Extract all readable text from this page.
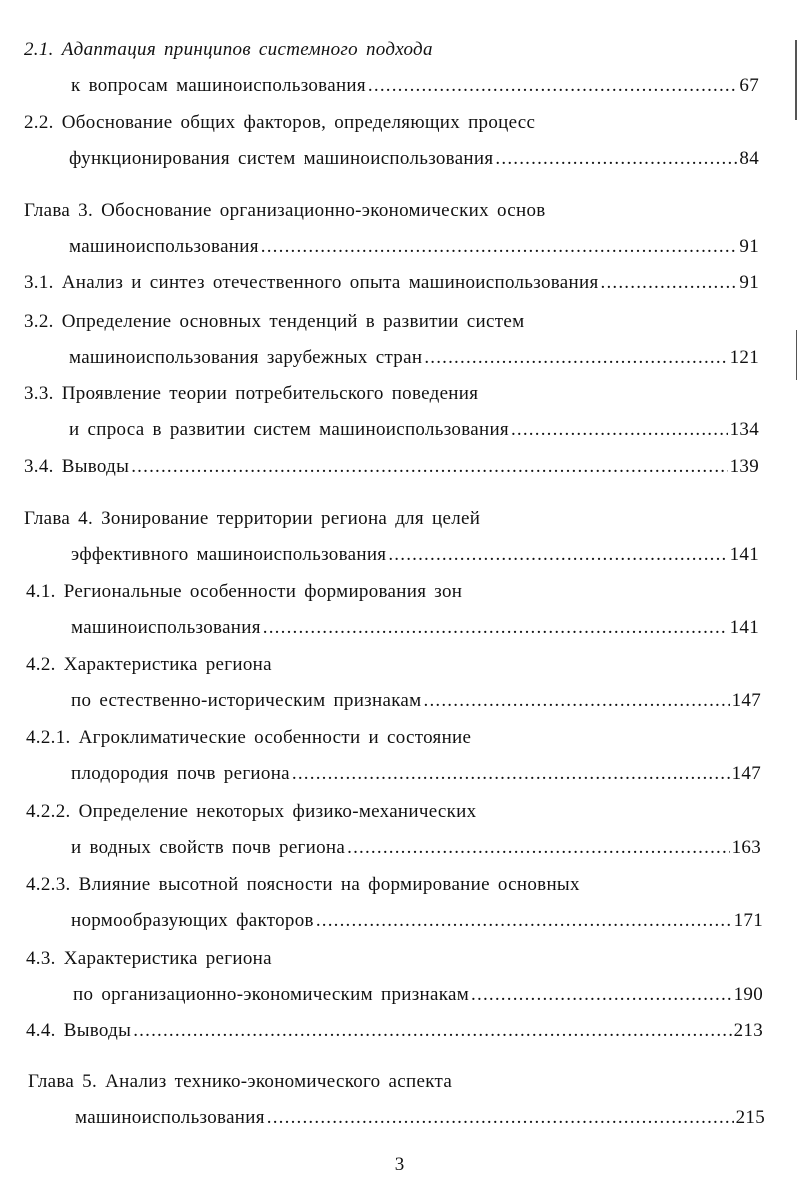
2.1. Адаптация принципов системного подхода
к вопросам машиноиспользования .....	67
2.2. Обоснование общих факторов, определяющих процесс
функционирования систем машиноиспользования .....	84
Глава 3. Обоснование организационно-экономических основ
машиноиспользования .....	91
3.1. Анализ и синтез отечественного опыта машиноиспользования .....	91
3.2. Определение основных тенденций в развитии систем
машиноиспользования зарубежных стран .....	121
3.3. Проявление теории потребительского поведения
и спроса в развитии систем машиноиспользования .....	134
3.4. Выводы .....	139
Глава 4. Зонирование территории региона для целей
эффективного машиноиспользования .....	141
4.1. Региональные особенности формирования зон
машиноиспользования .....	141
4.2. Характеристика региона
по естественно-историческим признакам .....	147
4.2.1. Агроклиматические особенности и состояние
плодородия почв региона .....	147
4.2.2. Определение некоторых физико-механических
и водных свойств почв региона .....	163
4.2.3. Влияние высотной поясности на формирование основных
нормообразующих факторов .....	171
4.3. Характеристика региона
по организационно-экономическим признакам .....	190
4.4. Выводы .....	213
Глава 5. Анализ технико-экономического аспекта
машиноиспользования .....	215
3
